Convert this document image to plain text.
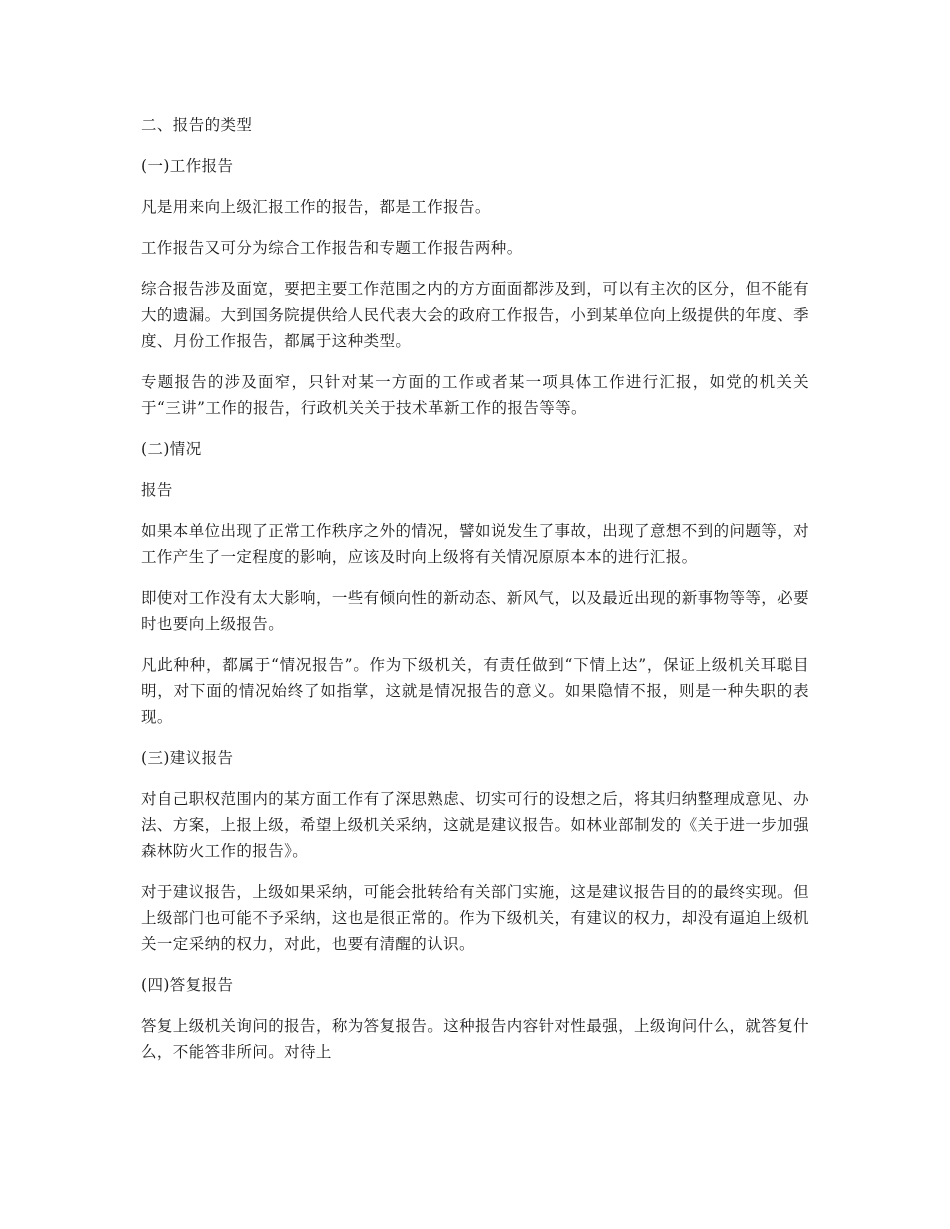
二、报告的类型

(一)工作报告

凡是用来向上级汇报工作的报告，都是工作报告。

工作报告又可分为综合工作报告和专题工作报告两种。

综合报告涉及面宽，要把主要工作范围之内的方方面面都涉及到，可以有主次的区分，但不能有大的遗漏。大到国务院提供给人民代表大会的政府工作报告，小到某单位向上级提供的年度、季度、月份工作报告，都属于这种类型。

专题报告的涉及面窄，只针对某一方面的工作或者某一项具体工作进行汇报，如党的机关关于“三讲”工作的报告，行政机关关于技术革新工作的报告等等。

(二)情况

报告

如果本单位出现了正常工作秩序之外的情况，譬如说发生了事故，出现了意想不到的问题等，对工作产生了一定程度的影响，应该及时向上级将有关情况原原本本的进行汇报。

即使对工作没有太大影响，一些有倾向性的新动态、新风气，以及最近出现的新事物等等，必要时也要向上级报告。

凡此种种，都属于“情况报告”。作为下级机关，有责任做到“下情上达”，保证上级机关耳聪目明，对下面的情况始终了如指掌，这就是情况报告的意义。如果隐情不报，则是一种失职的表现。

(三)建议报告

对自己职权范围内的某方面工作有了深思熟虑、切实可行的设想之后，将其归纳整理成意见、办法、方案，上报上级，希望上级机关采纳，这就是建议报告。如林业部制发的《关于进一步加强森林防火工作的报告》。

对于建议报告，上级如果采纳，可能会批转给有关部门实施，这是建议报告目的的最终实现。但上级部门也可能不予采纳，这也是很正常的。作为下级机关，有建议的权力，却没有逼迫上级机关一定采纳的权力，对此，也要有清醒的认识。

(四)答复报告

答复上级机关询问的报告，称为答复报告。这种报告内容针对性最强，上级询问什么，就答复什么，不能答非所问。对待上
